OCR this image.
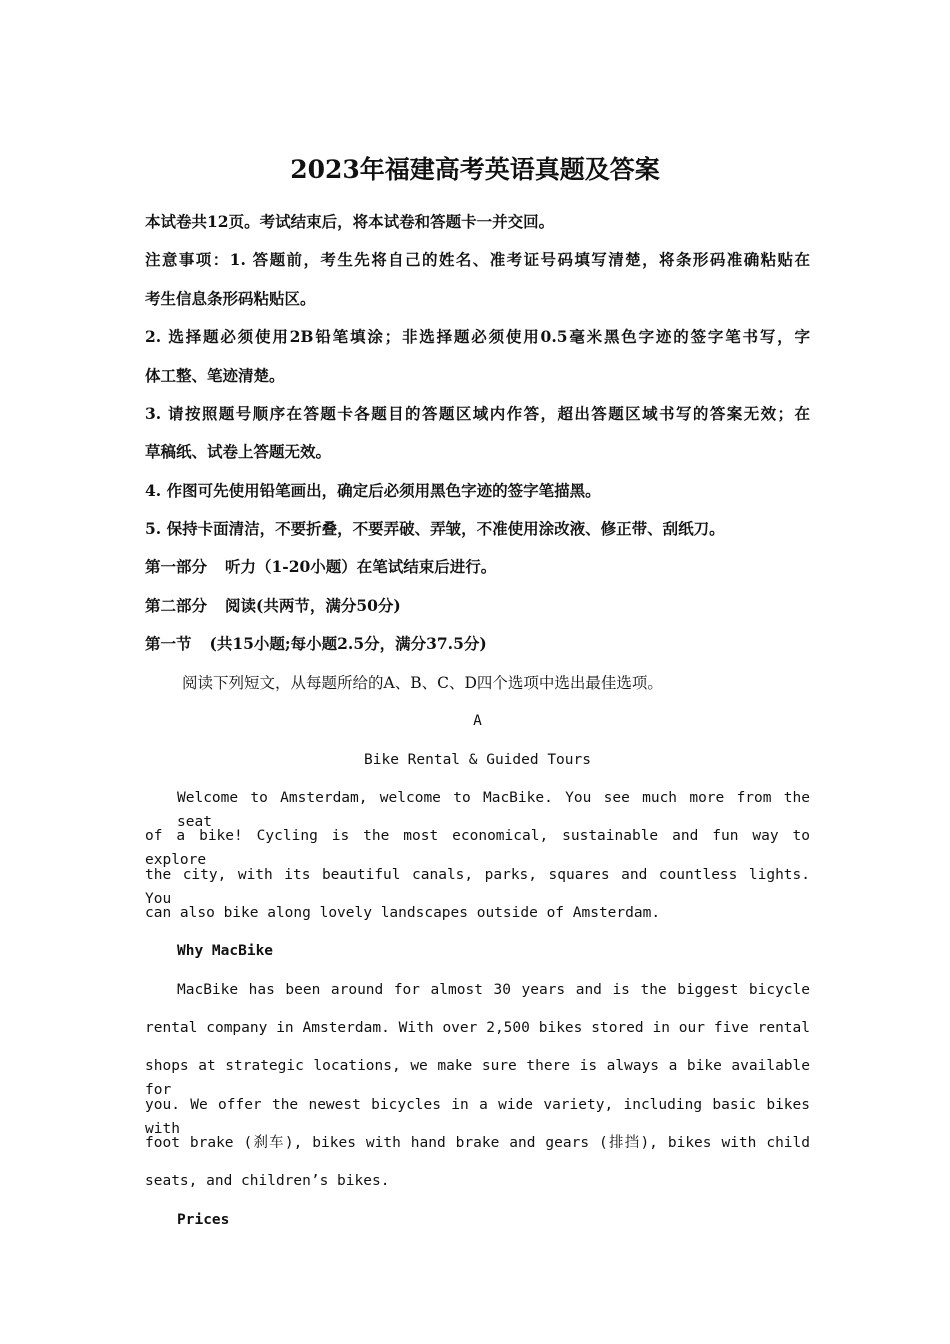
2023年福建高考英语真题及答案
本试卷共12页。考试结束后，将本试卷和答题卡一并交回。
注意事项：1. 答题前，考生先将自己的姓名、准考证号码填写清楚，将条形码准确粘贴在
考生信息条形码粘贴区。
2. 选择题必须使用2B铅笔填涂；非选择题必须使用0.5毫米黑色字迹的签字笔书写，字
体工整、笔迹清楚。
3. 请按照题号顺序在答题卡各题目的答题区域内作答，超出答题区域书写的答案无效；在
草稿纸、试卷上答题无效。
4. 作图可先使用铅笔画出，确定后必须用黑色字迹的签字笔描黑。
5. 保持卡面清洁，不要折叠，不要弄破、弄皱，不准使用涂改液、修正带、刮纸刀。
第一部分 听力（1-20小题）在笔试结束后进行。
第二部分 阅读(共两节，满分50分)
第一节 (共15小题;每小题2.5分，满分37.5分)
阅读下列短文，从每题所给的A、B、C、D四个选项中选出最佳选项。
A
Bike Rental & Guided Tours
Welcome to Amsterdam, welcome to MacBike. You see much more from the seat
of a bike! Cycling is the most economical, sustainable and fun way to explore
the city, with its beautiful canals, parks, squares and countless lights. You
can also bike along lovely landscapes outside of Amsterdam.
Why MacBike
MacBike has been around for almost 30 years and is the biggest bicycle
rental company in Amsterdam. With over 2,500 bikes stored in our five rental
shops at strategic locations, we make sure there is always a bike available for
you. We offer the newest bicycles in a wide variety, including basic bikes with
foot brake (刹车), bikes with hand brake and gears (排挡), bikes with child
seats, and children’s bikes.
Prices
